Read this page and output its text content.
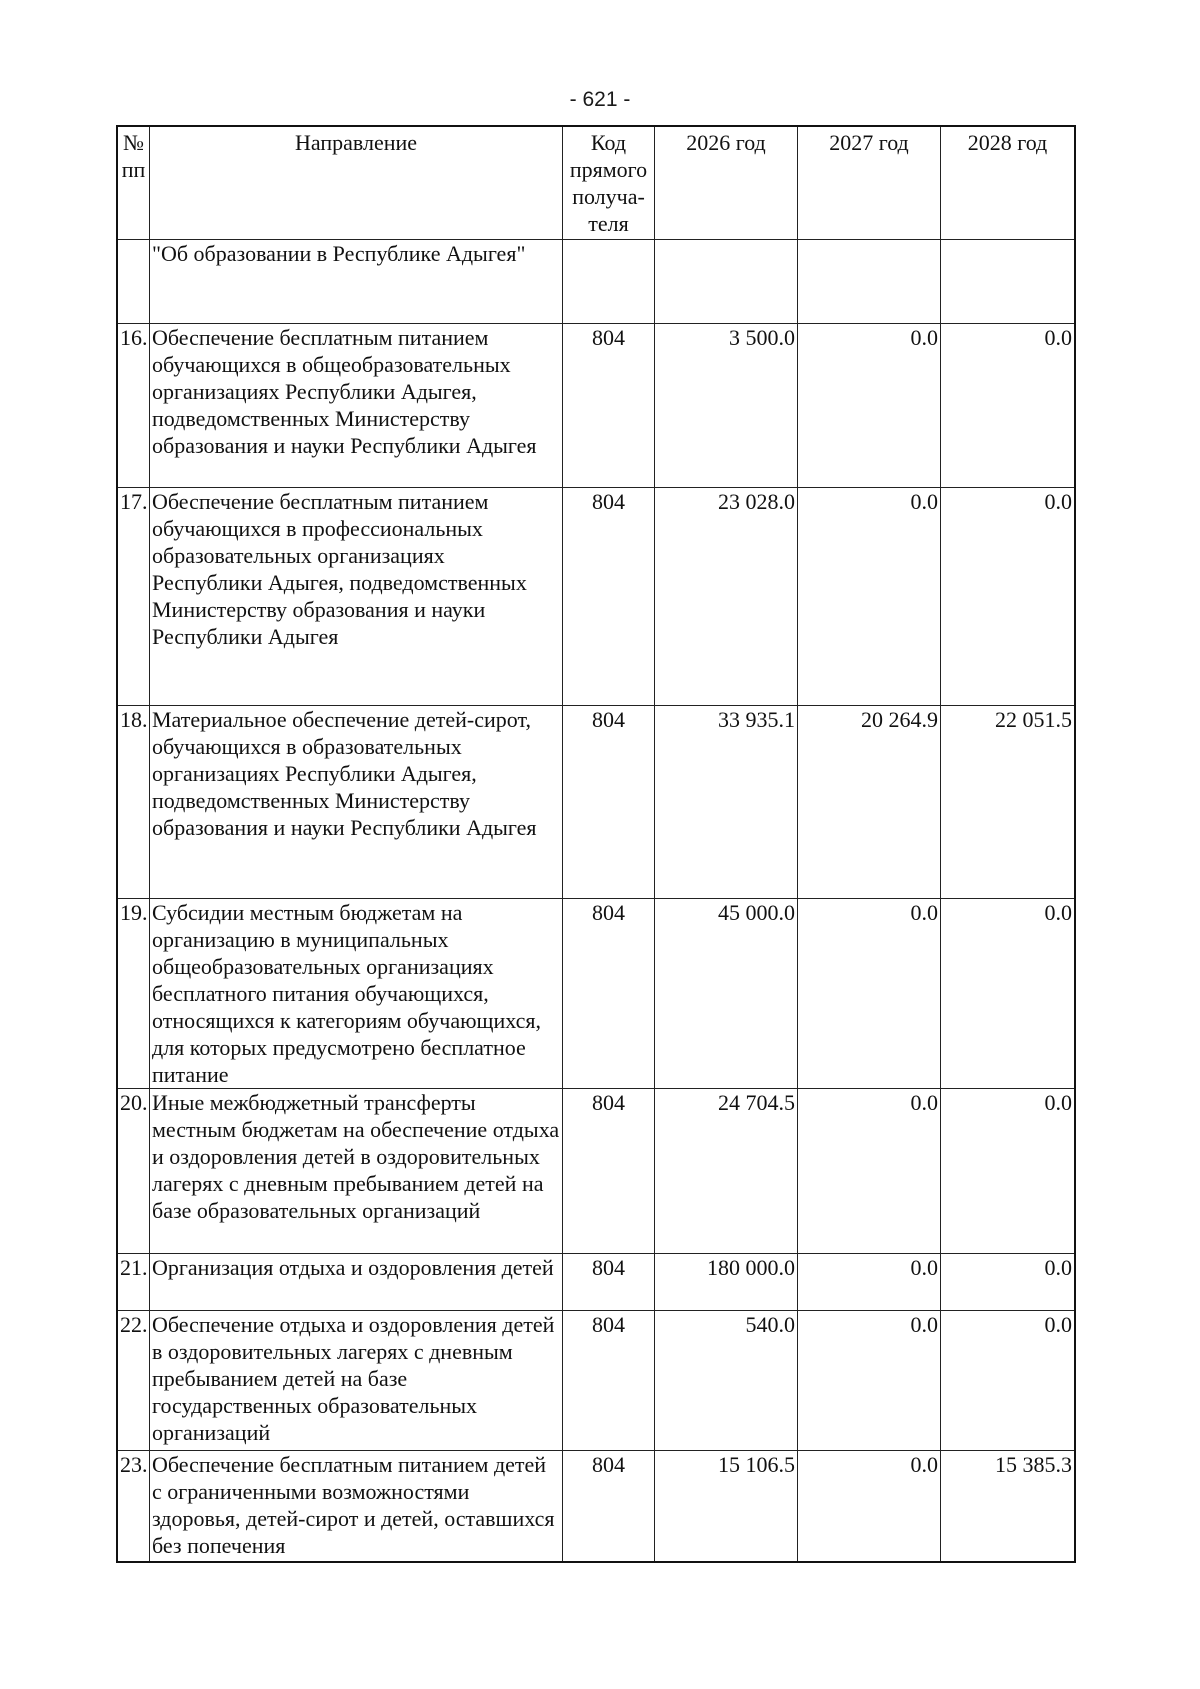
- 621 -
№ пп	Направление	Код прямого получа-теля	2026 год	2027 год	2028 год
	"Об образовании в Республике Адыгея"				
16.	Обеспечение бесплатным питанием обучающихся в общеобразовательных организациях Республики Адыгея, подведомственных Министерству образования и науки Республики Адыгея	804	3 500.0	0.0	0.0
17.	Обеспечение бесплатным питанием обучающихся в профессиональных образовательных организациях Республики Адыгея, подведомственных Министерству образования и науки Республики Адыгея	804	23 028.0	0.0	0.0
18.	Материальное обеспечение детей-сирот, обучающихся в образовательных организациях Республики Адыгея, подведомственных Министерству образования и науки Республики Адыгея	804	33 935.1	20 264.9	22 051.5
19.	Субсидии местным бюджетам на организацию в муниципальных общеобразовательных организациях бесплатного питания обучающихся, относящихся к категориям обучающихся, для которых предусмотрено бесплатное питание	804	45 000.0	0.0	0.0
20.	Иные межбюджетный трансферты местным бюджетам на обеспечение отдыха и оздоровления детей в оздоровительных лагерях с дневным пребыванием детей на базе образовательных организаций	804	24 704.5	0.0	0.0
21.	Организация отдыха и оздоровления детей	804	180 000.0	0.0	0.0
22.	Обеспечение отдыха и оздоровления детей в оздоровительных лагерях с дневным пребыванием детей на базе государственных образовательных организаций	804	540.0	0.0	0.0
23.	Обеспечение бесплатным питанием детей с ограниченными возможностями здоровья, детей-сирот и детей, оставшихся без попечения	804	15 106.5	0.0	15 385.3
